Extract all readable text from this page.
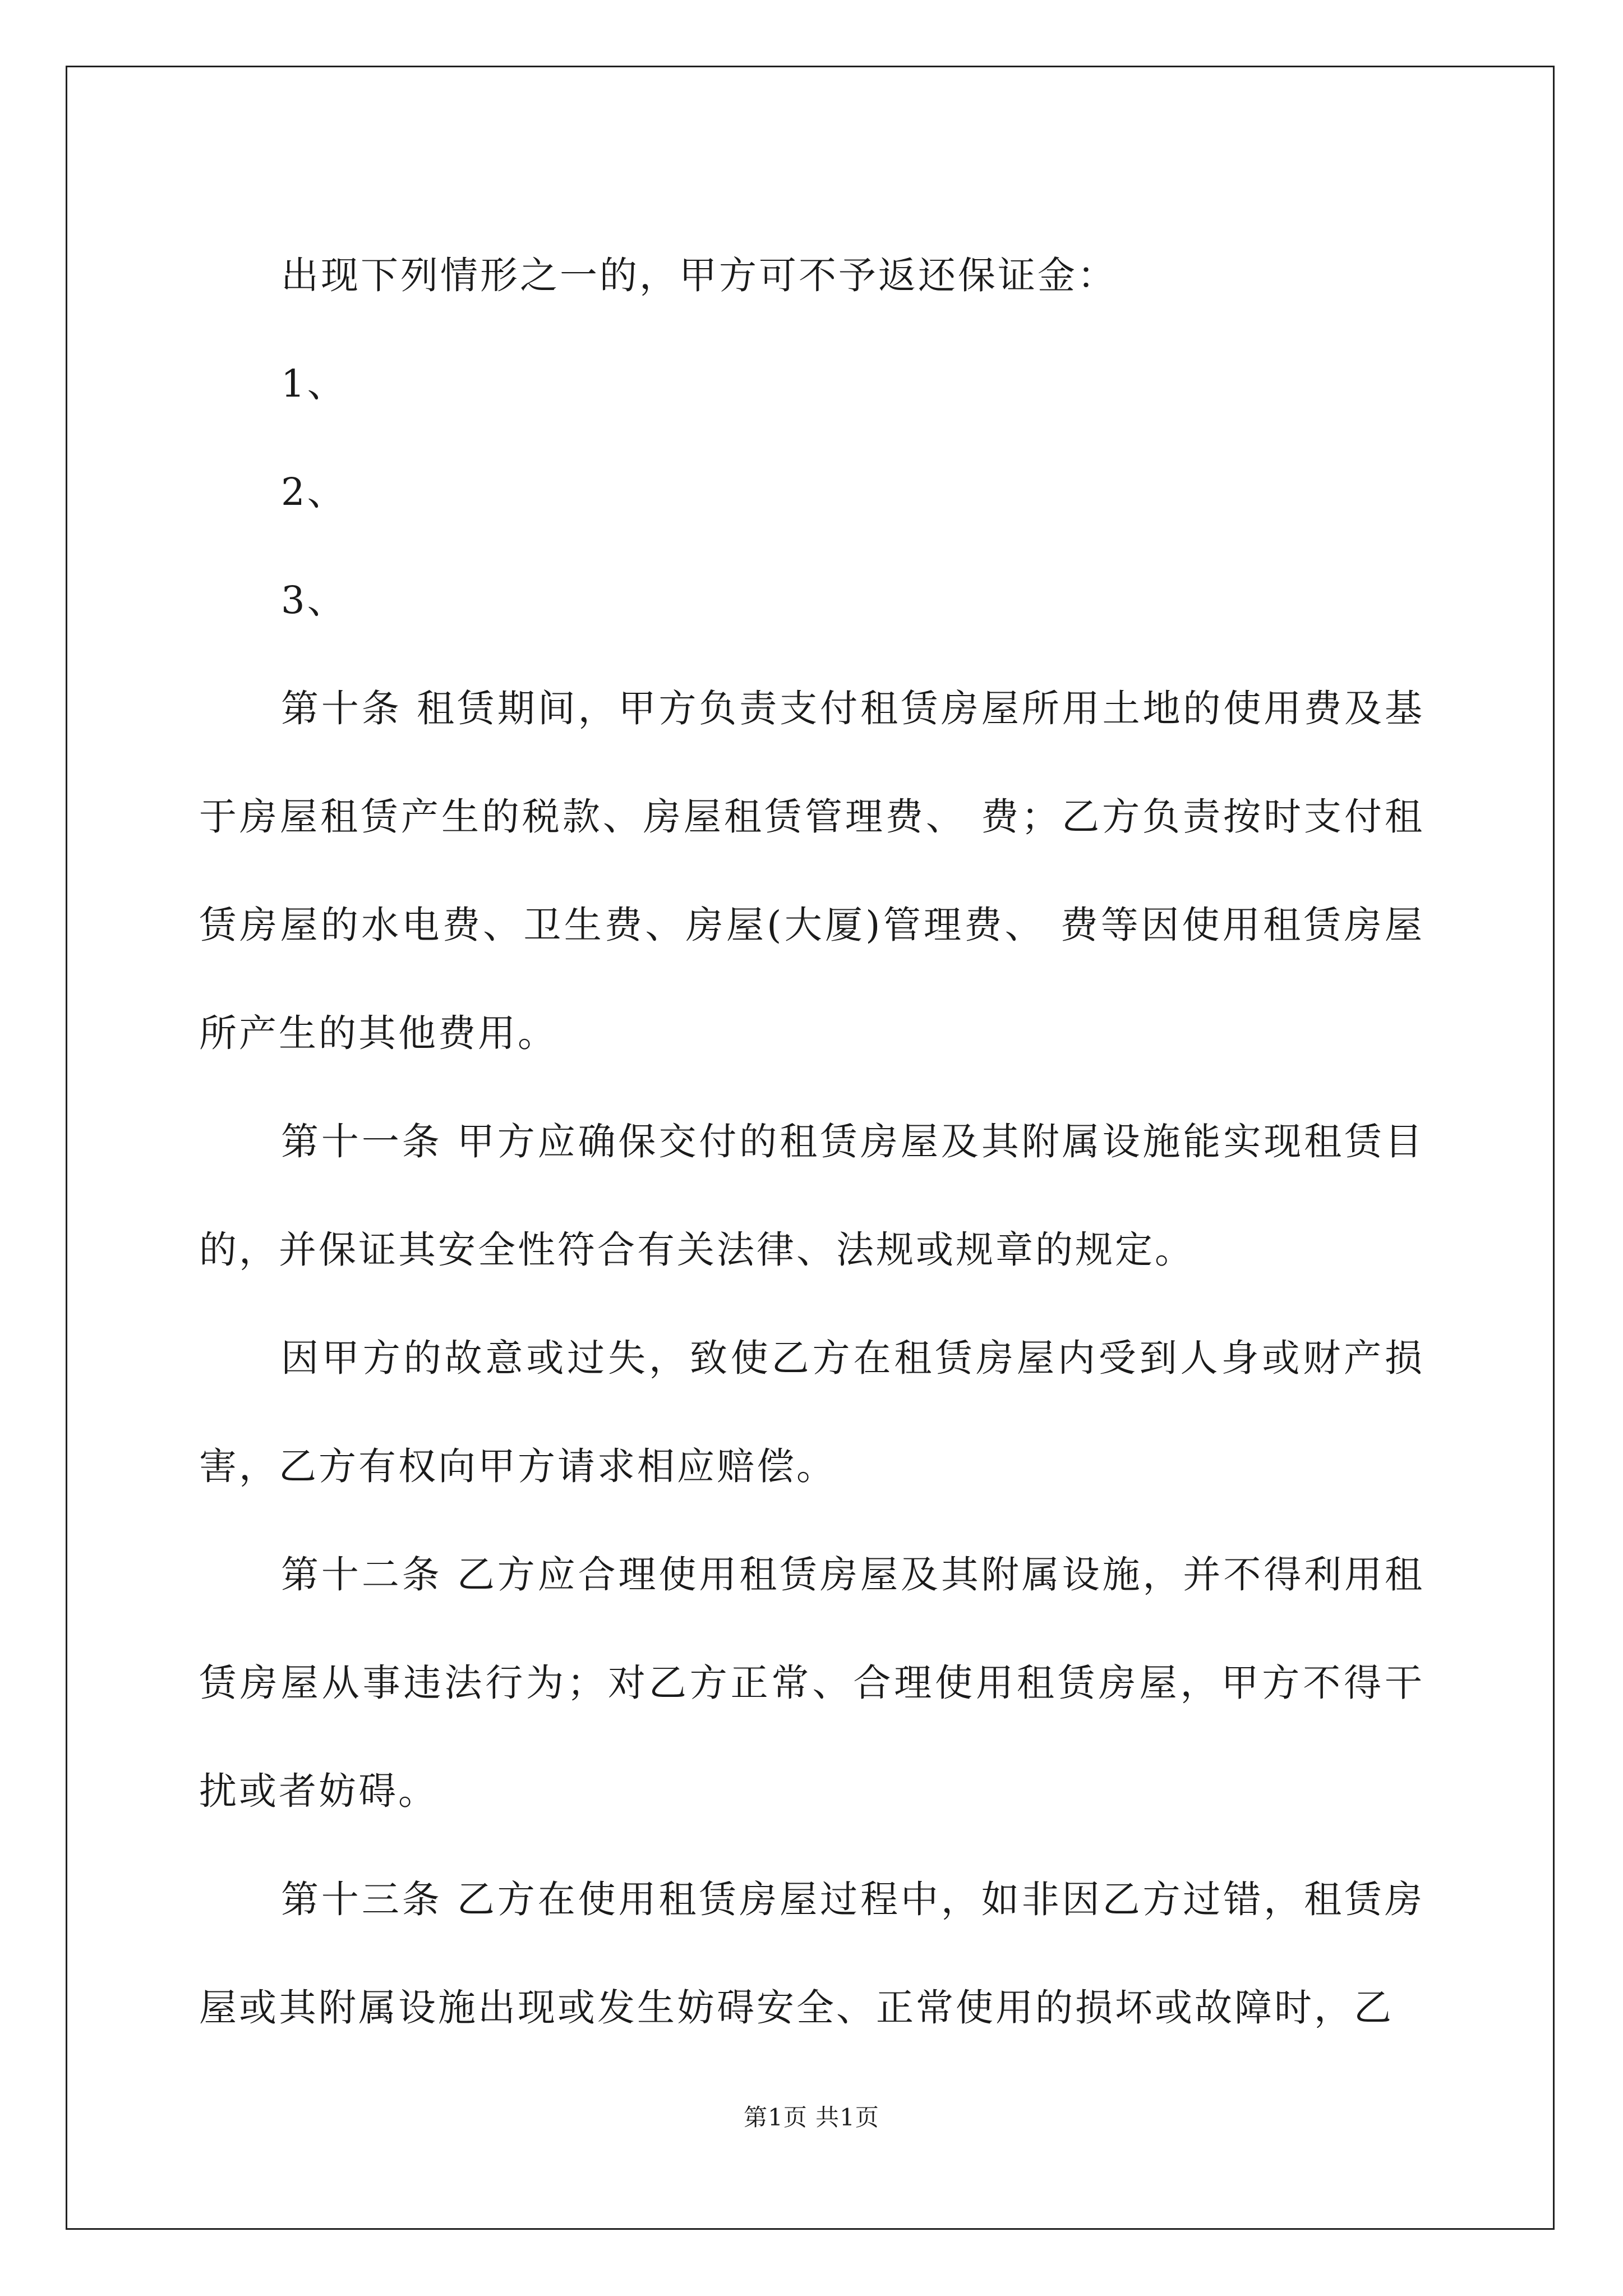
出现下列情形之一的，甲方可不予返还保证金：

1、

2、

3、

第十条 租赁期间，甲方负责支付租赁房屋所用土地的使用费及基于房屋租赁产生的税款、房屋租赁管理费、 费；乙方负责按时支付租赁房屋的水电费、卫生费、房屋(大厦)管理费、 费等因使用租赁房屋所产生的其他费用。

第十一条 甲方应确保交付的租赁房屋及其附属设施能实现租赁目的，并保证其安全性符合有关法律、法规或规章的规定。

因甲方的故意或过失，致使乙方在租赁房屋内受到人身或财产损害，乙方有权向甲方请求相应赔偿。

第十二条 乙方应合理使用租赁房屋及其附属设施，并不得利用租赁房屋从事违法行为；对乙方正常、合理使用租赁房屋，甲方不得干扰或者妨碍。

第十三条 乙方在使用租赁房屋过程中，如非因乙方过错，租赁房屋或其附属设施出现或发生妨碍安全、正常使用的损坏或故障时，乙

第1页 共1页
